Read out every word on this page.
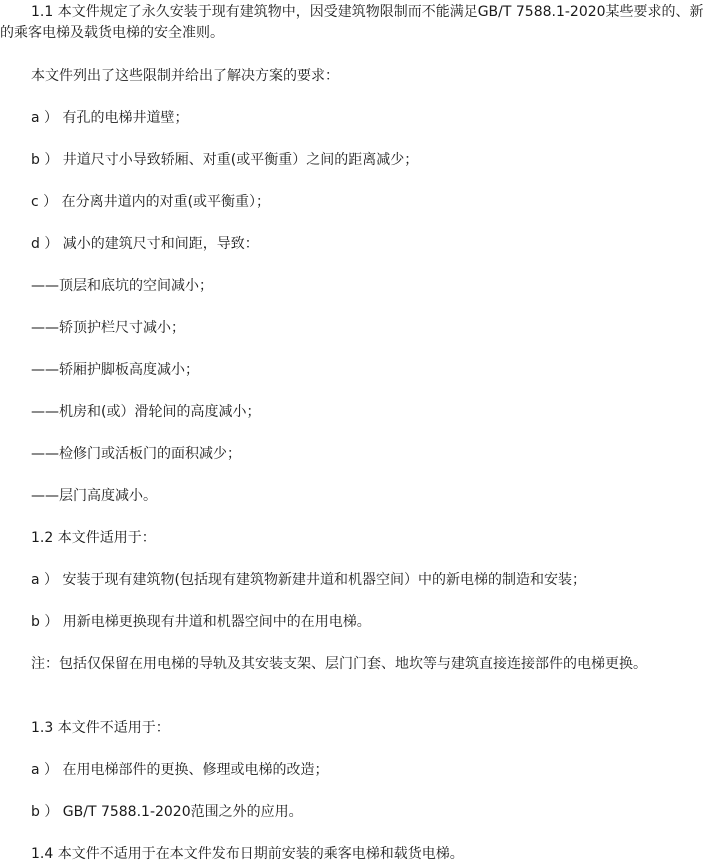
1.1 本文件规定了永久安装于现有建筑物中，因受建筑物限制而不能满足GB/T 7588.1-2020某些要求的、新的乘客电梯及载货电梯的安全准则。

本文件列出了这些限制并给出了解决方案的要求：

a ） 有孔的电梯井道壁；

b ） 井道尺寸小导致轿厢、对重(或平衡重）之间的距离减少；

c ） 在分离井道内的对重(或平衡重）；

d ） 减小的建筑尺寸和间距，导致：

——顶层和底坑的空间减小；

——轿顶护栏尺寸减小；

——轿厢护脚板高度减小；

——机房和(或）滑轮间的高度减小；

——检修门或活板门的面积减少；

——层门高度减小。

1.2 本文件适用于：

a ） 安装于现有建筑物(包括现有建筑物新建井道和机器空间）中的新电梯的制造和安装；

b ） 用新电梯更换现有井道和机器空间中的在用电梯。

注：包括仅保留在用电梯的导轨及其安装支架、层门门套、地坎等与建筑直接连接部件的电梯更换。

1.3 本文件不适用于：

a ） 在用电梯部件的更换、修理或电梯的改造；

b ） GB/T 7588.1-2020范围之外的应用。

1.4 本文件不适用于在本文件发布日期前安装的乘客电梯和载货电梯。
